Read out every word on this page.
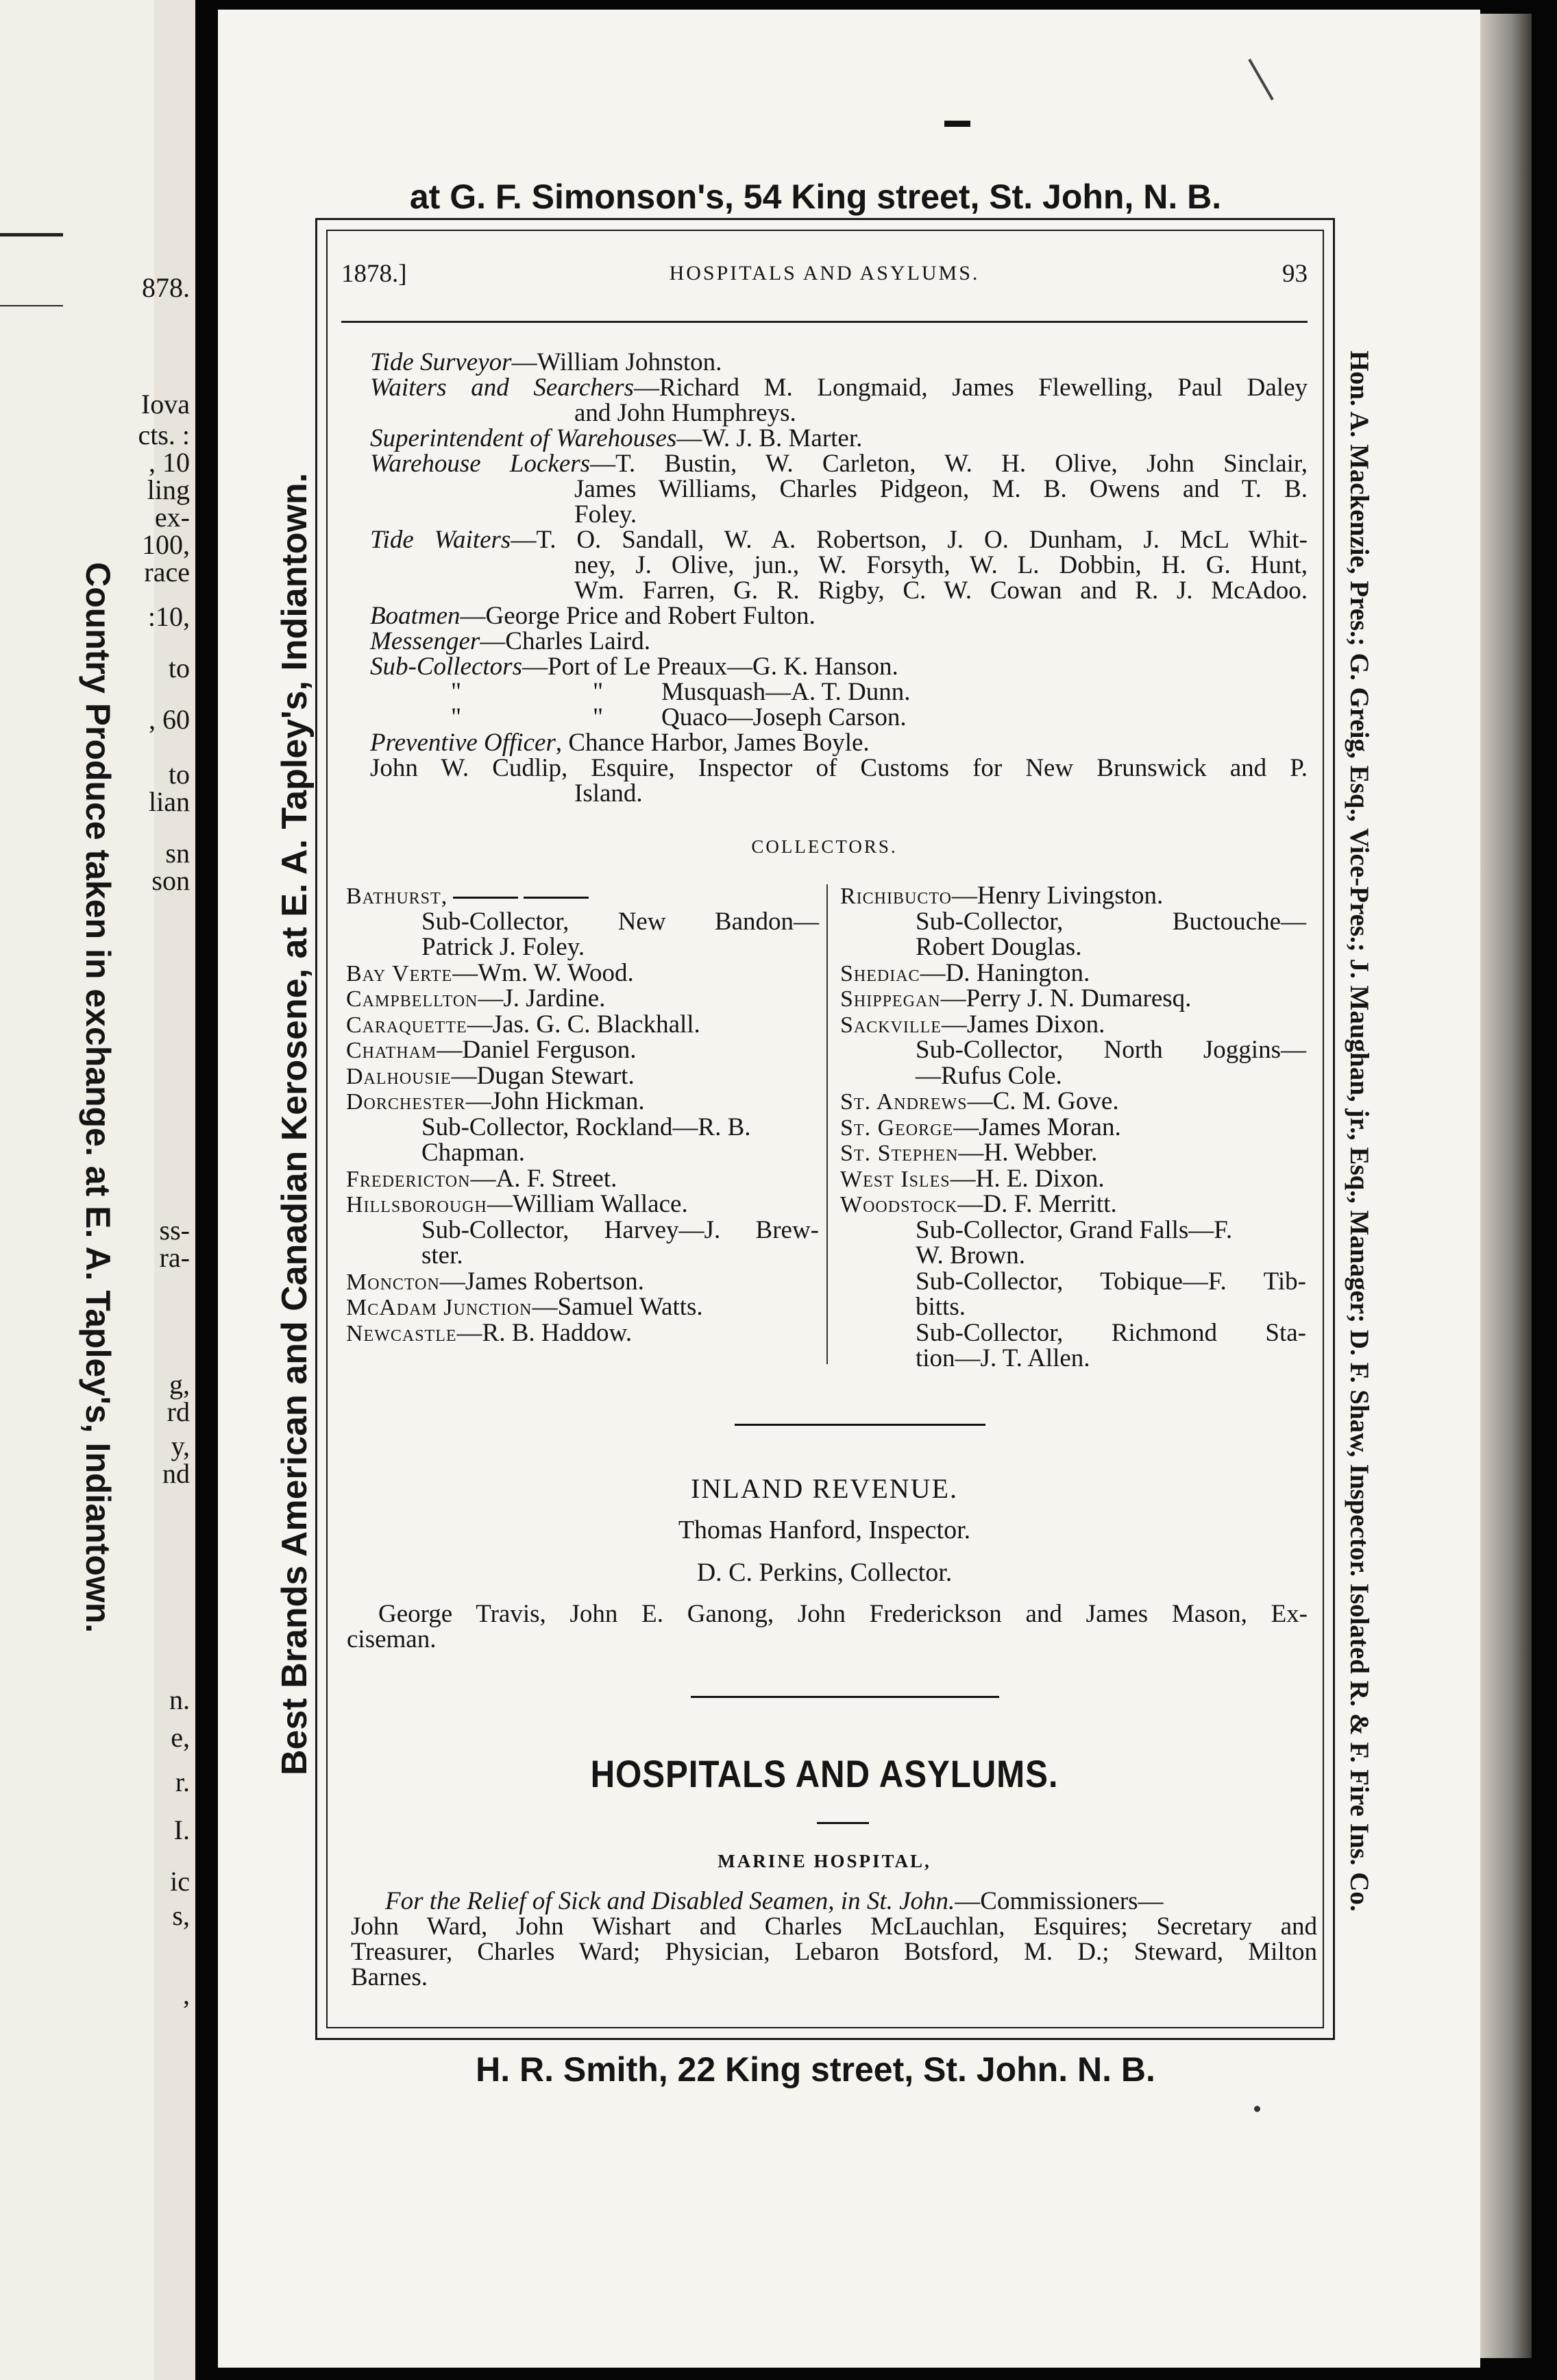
878.
Iova
cts. :
, 10
ling
ex-
100,
race
:10,
to
, 60
to
lian
sn
son
ss-
ra-
g,
rd
y,
nd
n.
e,
r.
I.
ic
s,
,
Country Produce taken in exchange. at E. A. Tapley's, Indiantown.
at G. F. Simonson's, 54 King street, St. John, N. B.
H. R. Smith, 22 King street, St. John. N. B.
Best Brands American and Canadian Kerosene, at E. A. Tapley's, Indiantown.	Hon. A. Mackenzie, Pres.; G. Greig, Esq., Vice-Pres.; J. Maughan, jr., Esq., Manager; D. F. Shaw, Inspector. Isolated R. & F. Fire Ins. Co.
1878.]	HOSPITALS AND ASYLUMS.	93
Tide Surveyor—William Johnston.
Waiters and Searchers—Richard M. Longmaid, James Flewelling, Paul Daley
and John Humphreys.
Superintendent of Warehouses—W. J. B. Marter.
Warehouse Lockers—T. Bustin, W. Carleton, W. H. Olive, John Sinclair,
James Williams, Charles Pidgeon, M. B. Owens and T. B.
Foley.
Tide Waiters—T. O. Sandall, W. A. Robertson, J. O. Dunham, J. McL Whit-
ney, J. Olive, jun., W. Forsyth, W. L. Dobbin, H. G. Hunt,
Wm. Farren, G. R. Rigby, C. W. Cowan and R. J. McAdoo.
Boatmen—George Price and Robert Fulton.
Messenger—Charles Laird.
Sub-Collectors—Port of Le Preaux—G. K. Hanson.
"	" Musquash—A. T. Dunn.
"	" Quaco—Joseph Carson.
Preventive Officer, Chance Harbor, James Boyle.
John W. Cudlip, Esquire, Inspector of Customs for New Brunswick and P.
Island.
COLLECTORS.
Bathurst,
Sub-Collector, New Bandon—
Patrick J. Foley.
Bay Verte—Wm. W. Wood.
Campbellton—J. Jardine.
Caraquette—Jas. G. C. Blackhall.
Chatham—Daniel Ferguson.
Dalhousie—Dugan Stewart.
Dorchester—John Hickman.
Sub-Collector, Rockland—R. B.
Chapman.
Fredericton—A. F. Street.
Hillsborough—William Wallace.
Sub-Collector, Harvey—J. Brew-
ster.
Moncton—James Robertson.
McAdam Junction—Samuel Watts.
Newcastle—R. B. Haddow.
Richibucto—Henry Livingston.
Sub-Collector, Buctouche—
Robert Douglas.
Shediac—D. Hanington.
Shippegan—Perry J. N. Dumaresq.
Sackville—James Dixon.
Sub-Collector, North Joggins—
—Rufus Cole.
St. Andrews—C. M. Gove.
St. George—James Moran.
St. Stephen—H. Webber.
West Isles—H. E. Dixon.
Woodstock—D. F. Merritt.
Sub-Collector, Grand Falls—F.
W. Brown.
Sub-Collector, Tobique—F. Tib-
bitts.
Sub-Collector, Richmond Sta-
tion—J. T. Allen.
INLAND REVENUE.
Thomas Hanford, Inspector.
D. C. Perkins, Collector.
George Travis, John E. Ganong, John Frederickson and James Mason, Ex-
ciseman.
HOSPITALS AND ASYLUMS.
MARINE HOSPITAL,
For the Relief of Sick and Disabled Seamen, in St. John.—Commissioners—
John Ward, John Wishart and Charles McLauchlan, Esquires; Secretary and
Treasurer, Charles Ward; Physician, Lebaron Botsford, M. D.; Steward, Milton
Barnes.
